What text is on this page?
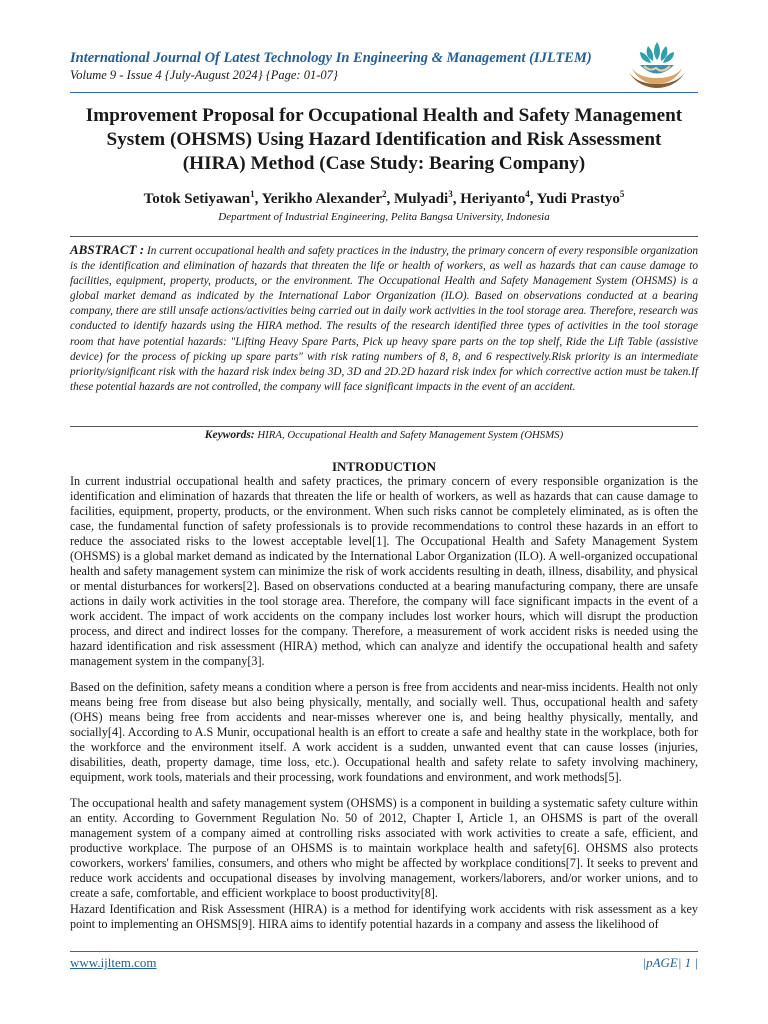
International Journal Of Latest Technology In Engineering & Management (IJLTEM)
Volume 9 - Issue 4 {July-August 2024} {Page: 01-07}
Improvement Proposal for Occupational Health and Safety Management
System (OHSMS) Using Hazard Identification and Risk Assessment
(HIRA) Method (Case Study: Bearing Company)
Totok Setiyawan$^1$, Yerikho Alexander$^2$, Mulyadi$^3$, Heriyanto$^4$, Yudi Prastyo$^5$
Department of Industrial Engineering, Pelita Bangsa University, Indonesia
ABSTRACT : In current occupational health and safety practices in the industry, the primary concern of every responsible organization is the identification and elimination of hazards that threaten the life or health of workers, as well as hazards that can cause damage to facilities, equipment, property, products, or the environment. The Occupational Health and Safety Management System (OHSMS) is a global market demand as indicated by the International Labor Organization (ILO). Based on observations conducted at a bearing company, there are still unsafe actions/activities being carried out in daily work activities in the tool storage area. Therefore, research was conducted to identify hazards using the HIRA method. The results of the research identified three types of activities in the tool storage room that have potential hazards: "Lifting Heavy Spare Parts, Pick up heavy spare parts on the top shelf, Ride the Lift Table (assistive device) for the process of picking up spare parts" with risk rating numbers of 8, 8, and 6 respectively.Risk priority is an intermediate priority/significant risk with the hazard risk index being 3D, 3D and 2D.2D hazard risk index for which corrective action must be taken.If these potential hazards are not controlled, the company will face significant impacts in the event of an accident.
Keywords: HIRA, Occupational Health and Safety Management System (OHSMS)
INTRODUCTION

In current industrial occupational health and safety practices, the primary concern of every responsible organization is the identification and elimination of hazards that threaten the life or health of workers, as well as hazards that can cause damage to facilities, equipment, property, products, or the environment. When such risks cannot be completely eliminated, as is often the case, the fundamental function of safety professionals is to provide recommendations to control these hazards in an effort to reduce the associated risks to the lowest acceptable level[1]. The Occupational Health and Safety Management System (OHSMS) is a global market demand as indicated by the International Labor Organization (ILO). A well-organized occupational health and safety management system can minimize the risk of work accidents resulting in death, illness, disability, and physical or mental disturbances for workers[2]. Based on observations conducted at a bearing manufacturing company, there are unsafe actions in daily work activities in the tool storage area. Therefore, the company will face significant impacts in the event of a work accident. The impact of work accidents on the company includes lost worker hours, which will disrupt the production process, and direct and indirect losses for the company. Therefore, a measurement of work accident risks is needed using the hazard identification and risk assessment (HIRA) method, which can analyze and identify the occupational health and safety management system in the company[3].

Based on the definition, safety means a condition where a person is free from accidents and near-miss incidents. Health not only means being free from disease but also being physically, mentally, and socially well. Thus, occupational health and safety (OHS) means being free from accidents and near-misses wherever one is, and being healthy physically, mentally, and socially[4]. According to A.S Munir, occupational health is an effort to create a safe and healthy state in the workplace, both for the workforce and the environment itself. A work accident is a sudden, unwanted event that can cause losses (injuries, disabilities, death, property damage, time loss, etc.). Occupational health and safety relate to safety involving machinery, equipment, work tools, materials and their processing, work foundations and environment, and work methods[5].

The occupational health and safety management system (OHSMS) is a component in building a systematic safety culture within an entity. According to Government Regulation No. 50 of 2012, Chapter I, Article 1, an OHSMS is part of the overall management system of a company aimed at controlling risks associated with work activities to create a safe, efficient, and productive workplace. The purpose of an OHSMS is to maintain workplace health and safety[6]. OHSMS also protects coworkers, workers' families, consumers, and others who might be affected by workplace conditions[7]. It seeks to prevent and reduce work accidents and occupational diseases by involving management, workers/laborers, and/or worker unions, and to create a safe, comfortable, and efficient workplace to boost productivity[8].

Hazard Identification and Risk Assessment (HIRA) is a method for identifying work accidents with risk assessment as a key point to implementing an OHSMS[9]. HIRA aims to identify potential hazards in a company and assess the likelihood of

www.ijltem.com	|pAGE| 1 |
